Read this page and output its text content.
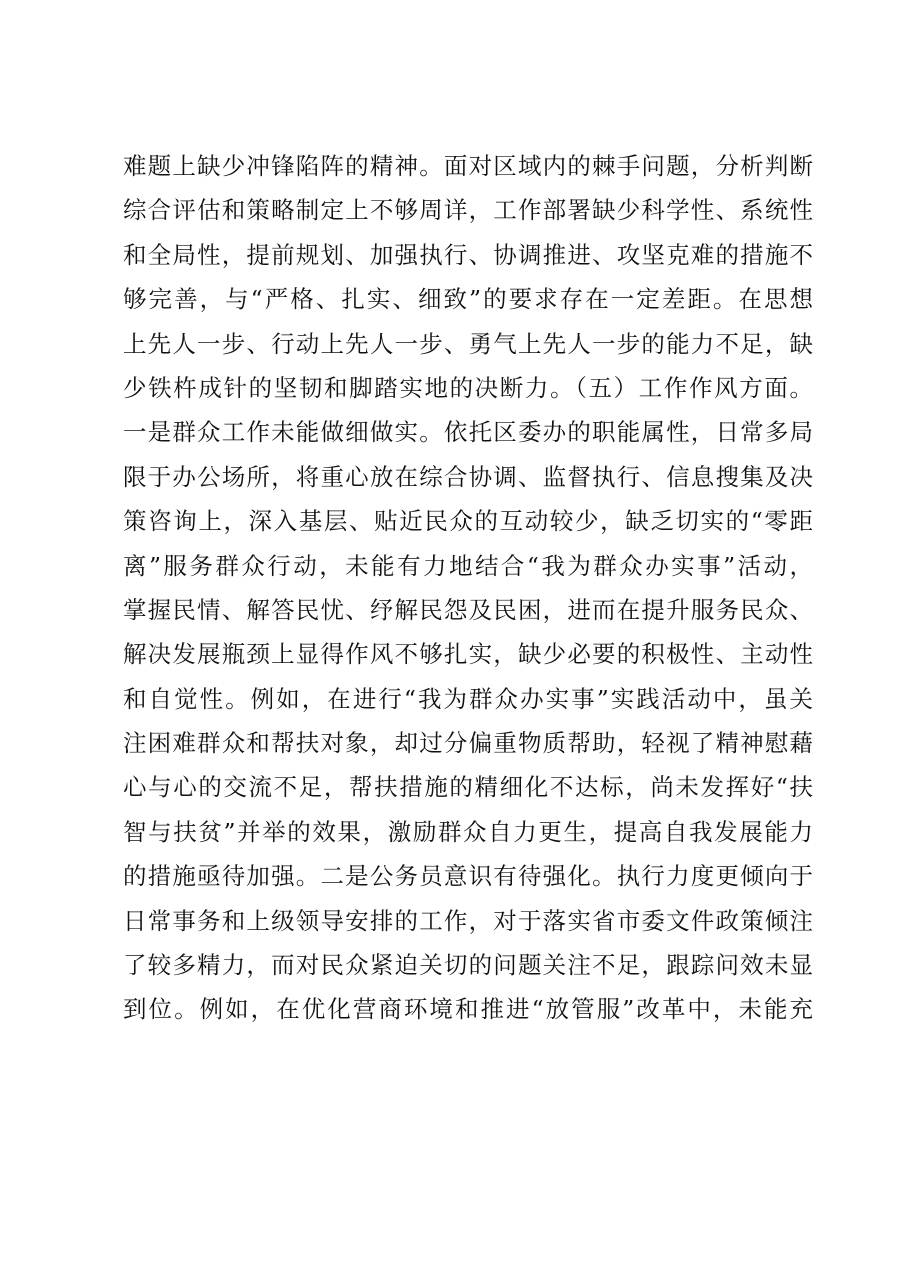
难题上缺少冲锋陷阵的精神。面对区域内的棘手问题，分析判断
综合评估和策略制定上不够周详，工作部署缺少科学性、系统性
和全局性，提前规划、加强执行、协调推进、攻坚克难的措施不
够完善，与“严格、扎实、细致”的要求存在一定差距。在思想
上先人一步、行动上先人一步、勇气上先人一步的能力不足，缺
少铁杵成针的坚韧和脚踏实地的决断力。（五）工作作风方面。
一是群众工作未能做细做实。依托区委办的职能属性，日常多局
限于办公场所，将重心放在综合协调、监督执行、信息搜集及决
策咨询上，深入基层、贴近民众的互动较少，缺乏切实的“零距
离”服务群众行动，未能有力地结合“我为群众办实事”活动，
掌握民情、解答民忧、纾解民怨及民困，进而在提升服务民众、
解决发展瓶颈上显得作风不够扎实，缺少必要的积极性、主动性
和自觉性。例如，在进行“我为群众办实事”实践活动中，虽关
注困难群众和帮扶对象，却过分偏重物质帮助，轻视了精神慰藉
心与心的交流不足，帮扶措施的精细化不达标，尚未发挥好“扶
智与扶贫”并举的效果，激励群众自力更生，提高自我发展能力
的措施亟待加强。二是公务员意识有待强化。执行力度更倾向于
日常事务和上级领导安排的工作，对于落实省市委文件政策倾注
了较多精力，而对民众紧迫关切的问题关注不足，跟踪问效未显
到位。例如，在优化营商环境和推进“放管服”改革中，未能充
